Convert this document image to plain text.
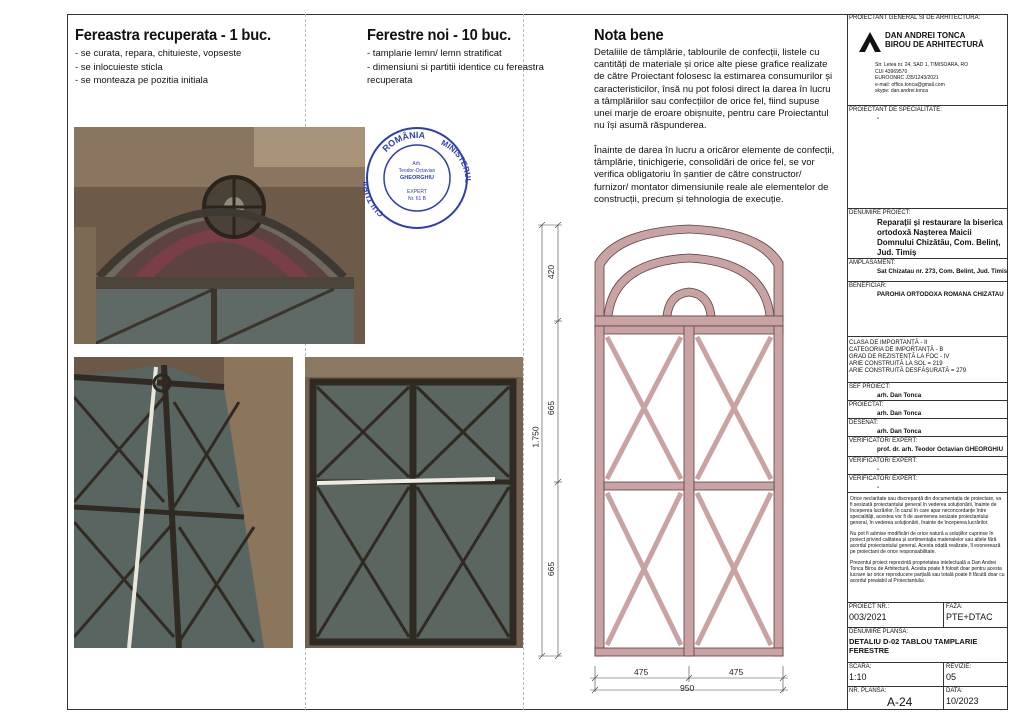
Fereastra recuperata - 1 buc.
- se curata, repara, chituieste, vopseste
- se inlocuieste sticla
- se monteaza pe pozitia initiala
Ferestre noi - 10 buc.
- tamplarie lemn/ lemn stratificat
- dimensiuni si partitii identice cu fereastra recuperata
Nota bene

Detaliile de tâmplărie, tablourile de confecții, listele cu cantități de materiale și orice alte piese grafice realizate de către Proiectant folosesc la estimarea consumurilor și caracteristicilor, însă nu pot folosi direct la darea în lucru a tâmplăriilor sau confecțiilor de orice fel, fiind supuse unei marje de eroare obișnuite, pentru care Proiectantul nu își asumă răspunderea.

Înainte de darea în lucru a oricăror elemente de confecții, tâmplărie, tinichigerie, consolidări de orice fel, se vor verifica obligatoriu în șantier de către constructor/ furnizor/ montator dimensiunile reale ale elementelor de construcții, precum și tehnologia de execuție.

ROMÂNIA
MINISTERUL
CULTURII
Arh.
Teodor-Octavian
GHEORGHIU
EXPERT
Nr. 61 B
420
665
665
1.750
475	475
950
PROIECTANT GENERAL SI DE ARHITECTURA:
DAN ANDREI TONCA
BIROU DE ARHITECTURĂ
Str. Letea nr. 24, SAD 1, TIMISOARA, RO
CUI 43969570
EUROONRC J35/1243/2021
e-mail: office.tonca@gmail.com
skype: dan.andrei.tonca
PROIECTANT DE SPECIALITATE:
-
DENUMIRE PROIECT:
Reparații și restaurare la biserica ortodoxă Nașterea Maicii Domnului Chizătău, Com. Belinț, Jud. Timiș
AMPLASAMENT:
Sat Chizatau nr. 273, Com. Belint, Jud. Timis
BENEFICIAR:
PAROHIA ORTODOXA ROMANA CHIZATAU
CLASA DE IMPORTANȚĂ - II
CATEGORIA DE IMPORTANȚĂ - B
GRAD DE REZISTENȚĂ LA FOC - IV
ARIE CONSTRUITĂ LA SOL = 219
ARIE CONSTRUITĂ DESFĂȘURATĂ = 279
SEF PROIECT:
arh. Dan Tonca
PROIECTAT:
arh. Dan Tonca
DESENAT:
arh. Dan Tonca
VERIFICATOR/ EXPERT:
prof. dr. arh. Teodor Octavian GHEORGHIU
VERIFICATOR/ EXPERT:
-
VERIFICATOR/ EXPERT:
-
Orice neclaritate sau discrepanță din documentația de proiectare, va fi sesizată proiectantului general în vederea soluționării, înainte de începerea lucrărilor. În cazul în care apar neconcordanțe între specialități, acestea vor fi de asemenea sesizate proiectantului general, în vederea soluționării, înainte de începerea lucrărilor.
Nu pot fi admise modificări de orice natură a soluțiilor cuprinse în proiect privind calitatea și sortimentația materialelor sau altele fără acordul proiectantului general. Acesta odată realizate, îl exonerează pe proiectant de orice responsabilitate.
Prezentul proiect reprezintă proprietatea intelectuală a Dan Andrei Tonca Birou de Arhitectură. Acesta poate fi folosit doar pentru acesta lucrare iar orice reproducere parțială sau totală poate fi făcută doar cu acordul prealabil al Proiectantului.
PROIECT NR.:
003/2021
FAZA:
PTE+DTAC
DENUMIRE PLANSA:
DETALIU D-02 TABLOU TAMPLARIE FERESTRE
SCARA:
1:10
REVIZIE:
05
NR. PLANSA:
A-24
DATA:
10/2023
